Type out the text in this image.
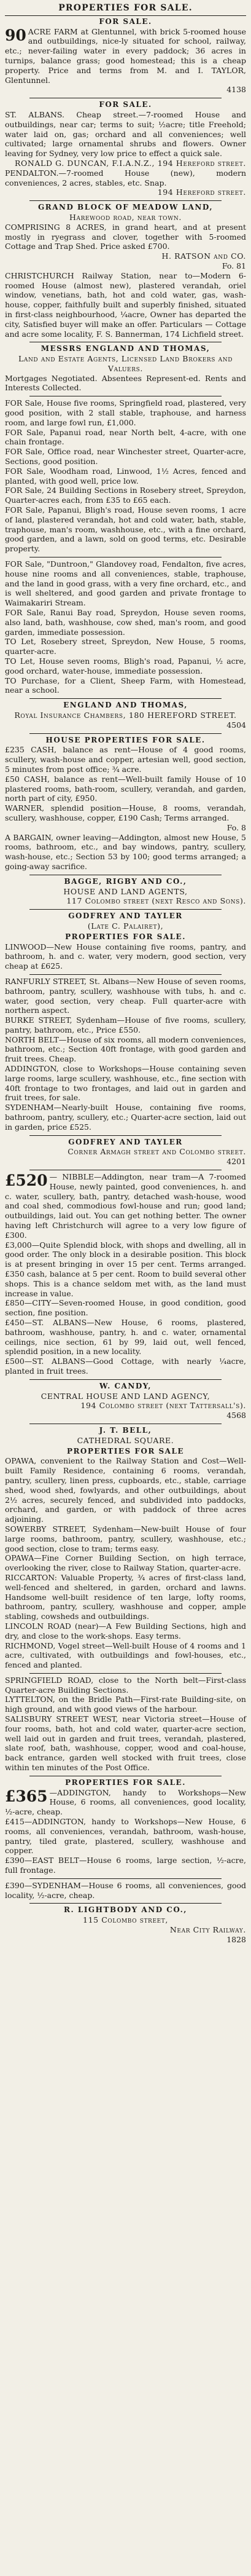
PROPERTIES FOR SALE.
FOR SALE.
90 ACRE FARM at Glentunnel, with brick 5-roomed house and outbuildings, nice-ly situated for school, railway, etc.; never-failing water in every paddock; 36 acres in turnips, balance grass; good homestead; this is a cheap property. Price and terms from M. and I. TAYLOR, Glentunnel.

4138
FOR SALE.

ST. ALBANS. Cheap street.—7-roomed House and outbuildings, near car; terms to suit; ½acre; title Freehold; water laid on, gas; orchard and all conveniences; well cultivated; large ornamental shrubs and flowers. Owner leaving for Sydney, very low price to effect a quick sale.

RONALD G. DUNCAN, F.I.A.N.Z., 194 Hereford street.

PENDALTON.—7-roomed House (new), modern conveniences, 2 acres, stables, etc. Snap.

194 Hereford street.
GRAND BLOCK OF MEADOW LAND,
Harewood road, near town.

COMPRISING 8 ACRES, in grand heart, and at present mostly in ryegrass and clover, together with 5-roomed Cottage and Trap Shed. Price asked £700.

H. RATSON and CO.
Fo. 81

CHRISTCHURCH Railway Station, near to—Modern 6-roomed House (almost new), plastered verandah, oriel window, venetians, bath, hot and cold water, gas, wash-house, copper, faithfully built and superbly finished, situated in first-class neighbourhood, ¼acre, Owner has departed the city, Satisfied buyer will make an offer. Particulars — Cottage and acre some locality, F. S. Bannerman, 174 Lichfield street.

MESSRS ENGLAND AND THOMAS,
Land and Estate Agents, Licensed Land Brokers and Valuers.

Mortgages Negotiated. Absentees Represent-ed. Rents and Interests Collected.

FOR Sale, House five rooms, Springfield road, plastered, very good position, with 2 stall stable, traphouse, and harness room, and large fowl run, £1,000.

FOR Sale, Papanui road, near North belt, 4-acre, with one chain frontage.

FOR Sale, Office road, near Winchester street, Quarter-acre, Sections, good position.

FOR Sale, Woodham road, Linwood, 1½ Acres, fenced and planted, with good well, price low.

FOR Sale, 24 Building Sections in Rosebery street, Spreydon, Quarter-acres each, from £35 to £65 each.

FOR Sale, Papanui, Bligh's road, House seven rooms, 1 acre of land, plastered verandah, hot and cold water, bath, stable, traphouse, man's room, washhouse, etc., with a fine orchard, good garden, and a lawn, sold on good terms, etc. Desirable property.

FOR Sale, "Duntroon," Glandovey road, Fendalton, five acres, house nine rooms and all conveniences, stable, traphouse, and the land in good grass, with a very fine orchard, etc., and is well sheltered, and good garden and private frontage to Waimakariri Stream.

FOR Sale, Ranui Bay road, Spreydon, House seven rooms, also land, bath, washhouse, cow shed, man's room, and good garden, immediate possession.

TO Let, Rosebery street, Spreydon, New House, 5 rooms, quarter-acre.

TO Let, House seven rooms, Bligh's road, Papanui, ½ acre, good orchard, water-house, immediate possession.

TO Purchase, for a Client, Sheep Farm, with Homestead, near a school.

ENGLAND AND THOMAS,
Royal Insurance Chambers, 180 HEREFORD STREET.
4504
HOUSE PROPERTIES FOR SALE.

£235 CASH, balance as rent—House of 4 good rooms, scullery, wash-house and copper, artesian well, good section, 5 minutes from post office; ¾ acre.

£50 CASH, balance as rent—Well-built family House of 10 plastered rooms, bath-room, scullery, verandah, and garden, north part of city, £950.

WARNER, splendid position—House, 8 rooms, verandah, scullery, washhouse, copper, £190 Cash; Terms arranged.

Fo. 8

A BARGAIN, owner leaving—Addington, almost new House, 5 rooms, bathroom, etc., and bay windows, pantry, scullery, wash-house, etc.; Section 53 by 100; good terms arranged; a going-away sacrifice.

BAGGE, RIGBY AND CO.,
HOUSE AND LAND AGENTS,
117 Colombo street (next Resco and Sons).
GODFREY AND TAYLER
(Late C. Palairet),
PROPERTIES FOR SALE.

LINWOOD—New House containing five rooms, pantry, and bathroom, h. and c. water, very modern, good section, very cheap at £625.

RANFURLY STREET, St. Albans—New House of seven rooms, bathroom, pantry, scullery, washhouse with tubs, h. and c. water, good section, very cheap. Full quarter-acre with northern aspect.

BURKE STREET, Sydenham—House of five rooms, scullery, pantry, bathroom, etc., Price £550.

NORTH BELT—House of six rooms, all modern conveniences, bathroom, etc.; Section 40ft frontage, with good garden and fruit trees. Cheap.

ADDINGTON, close to Workshops—House containing seven large rooms, large scullery, washhouse, etc., fine section with 40ft frontage to two frontages, and laid out in garden and fruit trees, for sale.

SYDENHAM—Nearly-built House, containing five rooms, bathroom, pantry, scullery, etc.; Quarter-acre section, laid out in garden, price £525.

GODFREY AND TAYLER
Corner Armagh street and Colombo street.
4201
£520 — NIBBLE—Addington, near tram—A 7-roomed House, newly painted, good conveniences, h. and c. water, scullery, bath, pantry, detached wash-house, wood and coal shed, commodious fowl-house and run; good land; outbuildings, laid out. You can get nothing better. The owner having left Christchurch will agree to a very low figure of £300.

£3,000—Quite Splendid block, with shops and dwelling, all in good order. The only block in a desirable position. This block is at present bringing in over 15 per cent. Terms arranged. £350 cash, balance at 5 per cent. Room to build several other shops. This is a chance seldom met with, as the land must increase in value.

£850—CITY—Seven-roomed House, in good condition, good section, fine position.

£450—ST. ALBANS—New House, 6 rooms, plastered, bathroom, washhouse, pantry, h. and c. water, ornamental ceilings, nice section, 61 by 99, laid out, well fenced, splendid position, in a new locality.

£500—ST. ALBANS—Good Cottage, with nearly ¼acre, planted in fruit trees.

W. CANDY,
CENTRAL HOUSE AND LAND AGENCY,
194 Colombo street (next Tattersall's).
4568
J. T. BELL,
CATHEDRAL SQUARE.
PROPERTIES FOR SALE

OPAWA, convenient to the Railway Station and Cost—Well-built Family Residence, containing 6 rooms, verandah, pantry, scullery, linen press, cupboards, etc., stable, carriage shed, wood shed, fowlyards, and other outbuildings, about 2½ acres, securely fenced, and subdivided into paddocks, orchard, and garden, or with paddock of three acres adjoining.

SOWERBY STREET, Sydenham—New-built House of four large rooms, bathroom, pantry, scullery, washhouse, etc.; good section, close to tram; terms easy.

OPAWA—Fine Corner Building Section, on high terrace, overlooking the river, close to Railway Station, quarter-acre.

RICCARTON: Valuable Property, ¾ acres of first-class land, well-fenced and sheltered, in garden, orchard and lawns. Handsome well-built residence of ten large, lofty rooms, bathroom, pantry, scullery, washhouse and copper, ample stabling, cowsheds and outbuildings.

LINCOLN ROAD (near)—A Few Building Sections, high and dry, and close to the work-shops. Easy terms.

RICHMOND, Vogel street—Well-built House of 4 rooms and 1 acre, cultivated, with outbuildings and fowl-houses, etc., fenced and planted.

SPRINGFIELD ROAD, close to the North belt—First-class Quarter-acre Building Sections.

LYTTELTON, on the Bridle Path—First-rate Building-site, on high ground, and with good views of the harbour.

SALISBURY STREET WEST, near Victoria street—House of four rooms, bath, hot and cold water, quarter-acre section, well laid out in garden and fruit trees, verandah, plastered, slate roof, bath, washhouse, copper, wood and coal-house, back entrance, garden well stocked with fruit trees, close within ten minutes of the Post Office.

PROPERTIES FOR SALE.
£365 —ADDINGTON, handy to Workshops—New House, 6 rooms, all conveniences, good locality, ½-acre, cheap.

£415—ADDINGTON, handy to Workshops—New House, 6 rooms, all conveniences, verandah, bathroom, wash-house, pantry, tiled grate, plastered, scullery, washhouse and copper.

£390—EAST BELT—House 6 rooms, large section, ½-acre, full frontage.

£390—SYDENHAM—House 6 rooms, all conveniences, good locality, ½-acre, cheap.

R. LIGHTBODY AND CO.,
115 Colombo street,
Near City Railway.
1828
